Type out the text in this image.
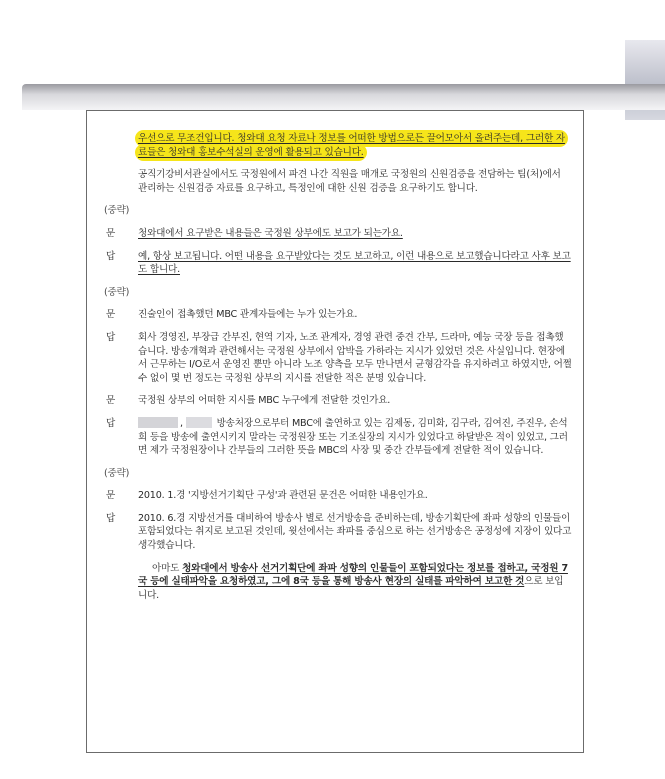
우선으로 무조건입니다. 청와대 요청 자료나 정보를 어떠한 방법으로든 끌어모아서 올려주는데, 그러한 자료들은 청와대 홍보수석실의 운영에 활용되고 있습니다.
공직기강비서관실에서도 국정원에서 파견 나간 직원을 매개로 국정원의 신원검증을 전담하는 팀(처)에서 관리하는 신원검증 자료를 요구하고, 특정인에 대한 신원 검증을 요구하기도 합니다.
(중략)
문 청와대에서 요구받은 내용들은 국정원 상부에도 보고가 되는가요.
답 예, 항상 보고됩니다. 어떤 내용을 요구받았다는 것도 보고하고, 이런 내용으로 보고했습니다라고 사후 보고도 합니다.
(중략)
문 진술인이 접촉했던 MBC 관계자들에는 누가 있는가요.
답 회사 경영진, 부장급 간부진, 현역 기자, 노조 관계자, 경영 관련 중견 간부, 드라마, 예능 국장 등을 접촉했습니다. 방송개혁과 관련해서는 국정원 상부에서 압박을 가하라는 지시가 있었던 것은 사실입니다. 현장에서 근무하는 I/O로서 운영진 뿐만 아니라 노조 양측을 모두 만나면서 균형감각을 유지하려고 하였지만, 어쩔수 없이 몇 번 정도는 국정원 상부의 지시를 전달한 적은 분명 있습니다.
문 국정원 상부의 어떠한 지시를 MBC 누구에게 전달한 것인가요.
답	,	방송처장으로부터 MBC에 출연하고 있는 김제동, 김미화, 김구라, 김여진, 주진우, 손석희 등을 방송에 출연시키지 말라는 국정원장 또는 기조실장의 지시가 있었다고 하달받은 적이 있었고, 그러면 제가 국정원장이나 간부들의 그러한 뜻을 MBC의 사장 및 중간 간부들에게 전달한 적이 있습니다.
(중략)
문 2010. 1.경 '지방선거기획단 구성'과 관련된 문건은 어떠한 내용인가요.
답 2010. 6.경 지방선거를 대비하여 방송사 별로 선거방송을 준비하는데, 방송기획단에 좌파 성향의 인물들이 포함되었다는 취지로 보고된 것인데, 윗선에서는 좌파를 중심으로 하는 선거방송은 공정성에 지장이 있다고 생각했습니다.
아마도 청와대에서 방송사 선거기획단에 좌파 성향의 인물들이 포함되었다는 정보를 접하고, 국정원 7국 등에 실태파악을 요청하였고, 그에 8국 등을 통해 방송사 현장의 실태를 파악하여 보고한 것으로 보입니다.
